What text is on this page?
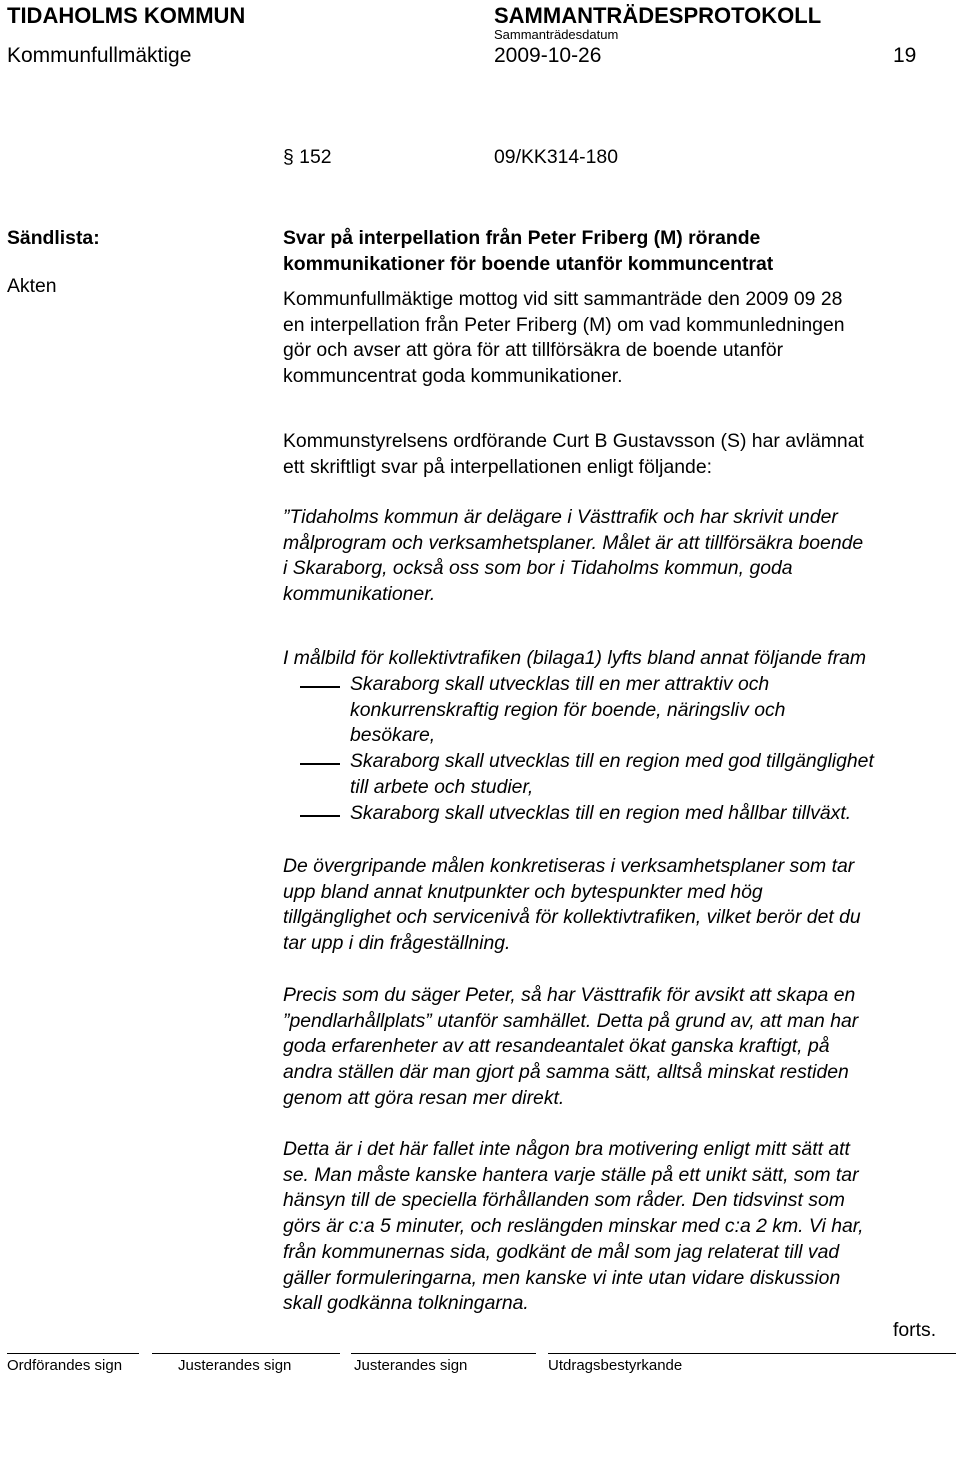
TIDAHOLMS KOMMUN	SAMMANTRÄDESPROTOKOLL
Sammanträdesdatum
Kommunfullmäktige	2009-10-26	19
§ 152	09/KK314-180
Sändlista:
Akten
Svar på interpellation från Peter Friberg (M) rörande
kommunikationer för boende utanför kommuncentrat
Kommunfullmäktige mottog vid sitt sammanträde den 2009 09 28
en interpellation från Peter Friberg (M) om vad kommunledningen
gör och avser att göra för att tillförsäkra de boende utanför
kommuncentrat goda kommunikationer.
Kommunstyrelsens ordförande Curt B Gustavsson (S) har avlämnat
ett skriftligt svar på interpellationen enligt följande:
”Tidaholms kommun är delägare i Västtrafik och har skrivit under
målprogram och verksamhetsplaner. Målet är att tillförsäkra boende
i Skaraborg, också oss som bor i Tidaholms kommun, goda
kommunikationer.
I målbild för kollektivtrafiken (bilaga1) lyfts bland annat följande fram
Skaraborg skall utvecklas till en mer attraktiv och
konkurrenskraftig region för boende, näringsliv och
besökare,
Skaraborg skall utvecklas till en region med god tillgänglighet
till arbete och studier,
Skaraborg skall utvecklas till en region med hållbar tillväxt.
De övergripande målen konkretiseras i verksamhetsplaner som tar
upp bland annat knutpunkter och bytespunkter med hög
tillgänglighet och servicenivå för kollektivtrafiken, vilket berör det du
tar upp i din frågeställning.
Precis som du säger Peter, så har Västtrafik för avsikt att skapa en
”pendlarhållplats” utanför samhället. Detta på grund av, att man har
goda erfarenheter av att resandeantalet ökat ganska kraftigt, på
andra ställen där man gjort på samma sätt, alltså minskat restiden
genom att göra resan mer direkt.
Detta är i det här fallet inte någon bra motivering enligt mitt sätt att
se. Man måste kanske hantera varje ställe på ett unikt sätt, som tar
hänsyn till de speciella förhållanden som råder. Den tidsvinst som
görs är c:a 5 minuter, och reslängden minskar med c:a 2 km. Vi har,
från kommunernas sida, godkänt de mål som jag relaterat till vad
gäller formuleringarna, men kanske vi inte utan vidare diskussion
skall godkänna tolkningarna.
forts.
Ordförandes sign	Justerandes sign	Justerandes sign	Utdragsbestyrkande
